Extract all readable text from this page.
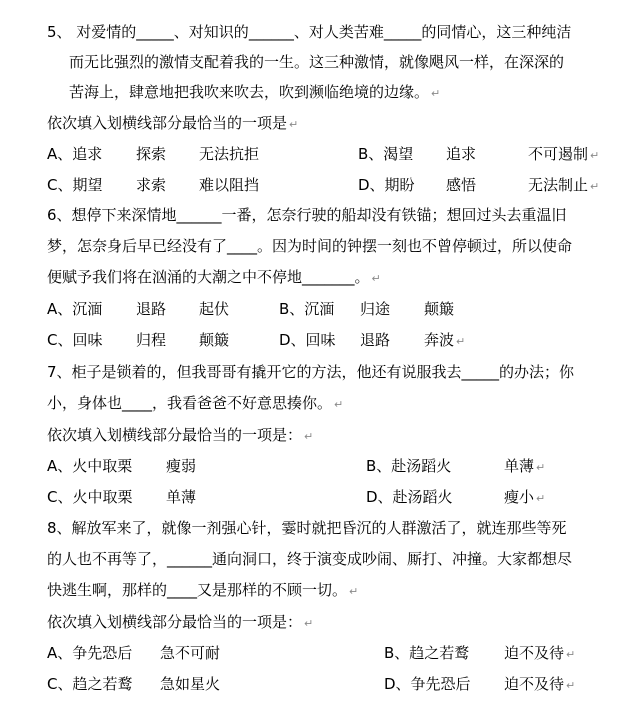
5、 对爱情的_____、对知识的______、对人类苦难_____的同情心，这三种纯洁
而无比强烈的激情支配着我的一生。这三种激情，就像飓风一样，在深深的
苦海上，肆意地把我吹来吹去，吹到濒临绝境的边缘。 ↵
依次填入划横线部分最恰当的一项是 ↵
A、追求 探索 无法抗拒	B、渴望 追求	不可遏制 ↵
C、期望 求索 难以阻挡	D、期盼 感悟	无法制止 ↵
6、想停下来深情地______一番，怎奈行驶的船却没有铁锚；想回过头去重温旧
梦，怎奈身后早已经没有了____。因为时间的钟摆一刻也不曾停顿过，所以使命
便赋予我们将在汹涌的大潮之中不停地_______。 ↵
A、沉湎 退路 起伏	B、沉湎 归途 颠簸
C、回味 归程 颠簸	D、回味 退路 奔波 ↵
7、柜子是锁着的，但我哥哥有撬开它的方法，他还有说服我去_____的办法；你
小，身体也____，我看爸爸不好意思揍你。 ↵
依次填入划横线部分最恰当的一项是： ↵
A、火中取栗 瘦弱	B、赴汤蹈火	单薄 ↵
C、火中取栗 单薄	D、赴汤蹈火	瘦小 ↵
8、解放军来了，就像一剂强心针，霎时就把昏沉的人群激活了，就连那些等死
的人也不再等了，______通向洞口，终于演变成吵闹、厮打、冲撞。大家都想尽
快逃生啊，那样的____又是那样的不顾一切。 ↵
依次填入划横线部分最恰当的一项是： ↵
A、争先恐后 急不可耐	B、趋之若鹜 迫不及待 ↵
C、趋之若鹜 急如星火	D、争先恐后 迫不及待 ↵
